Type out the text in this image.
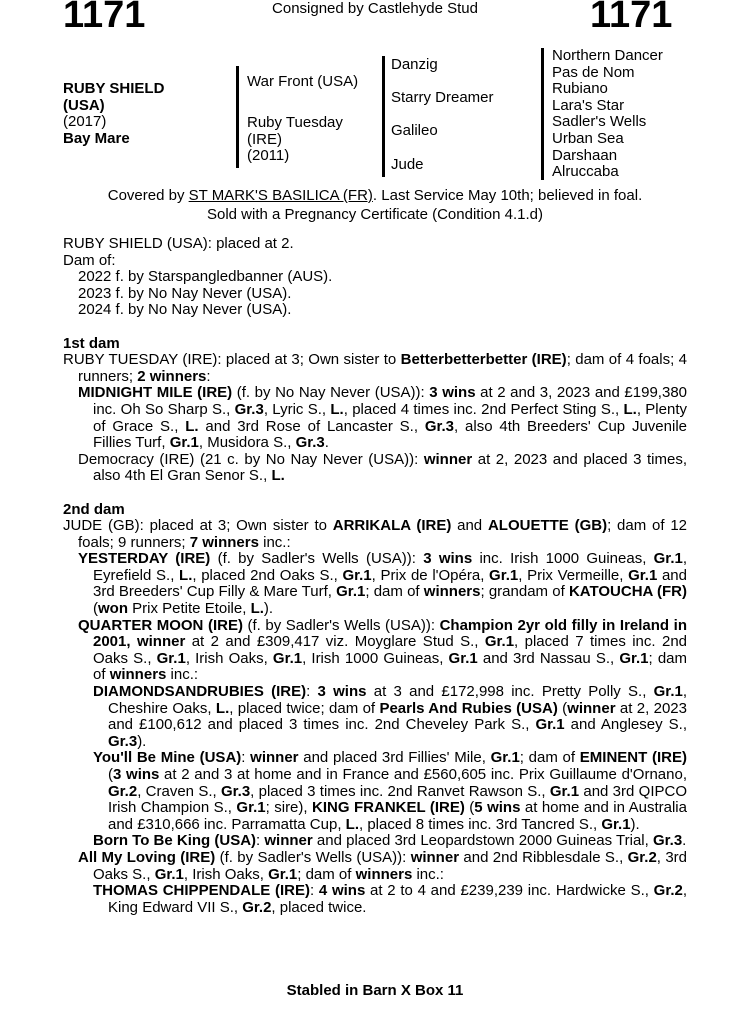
1171	Consigned by Castlehyde Stud	1171
RUBY SHIELD
(USA)
(2017)
Bay Mare
War Front (USA)
Ruby Tuesday
(IRE)
(2011)
Danzig
Starry Dreamer
Galileo
Jude
Northern Dancer
Pas de Nom
Rubiano
Lara's Star
Sadler's Wells
Urban Sea
Darshaan
Alruccaba
Covered by ST MARK'S BASILICA (FR). Last Service May 10th; believed in foal.
Sold with a Pregnancy Certificate (Condition 4.1.d)

RUBY SHIELD (USA): placed at 2.

Dam of:

2022 f. by Starspangledbanner (AUS).

2023 f. by No Nay Never (USA).

2024 f. by No Nay Never (USA).

1st dam

RUBY TUESDAY (IRE): placed at 3; Own sister to Betterbetterbetter (IRE); dam of 4 foals; 4 runners; 2 winners:

MIDNIGHT MILE (IRE) (f. by No Nay Never (USA)): 3 wins at 2 and 3, 2023 and £199,380 inc. Oh So Sharp S., Gr.3, Lyric S., L., placed 4 times inc. 2nd Perfect Sting S., L., Plenty of Grace S., L. and 3rd Rose of Lancaster S., Gr.3, also 4th Breeders' Cup Juvenile Fillies Turf, Gr.1, Musidora S., Gr.3.

Democracy (IRE) (21 c. by No Nay Never (USA)): winner at 2, 2023 and placed 3 times, also 4th El Gran Senor S., L.

2nd dam

JUDE (GB): placed at 3; Own sister to ARRIKALA (IRE) and ALOUETTE (GB); dam of 12 foals; 9 runners; 7 winners inc.:

YESTERDAY (IRE) (f. by Sadler's Wells (USA)): 3 wins inc. Irish 1000 Guineas, Gr.1, Eyrefield S., L., placed 2nd Oaks S., Gr.1, Prix de l'Opéra, Gr.1, Prix Vermeille, Gr.1 and 3rd Breeders' Cup Filly & Mare Turf, Gr.1; dam of winners; grandam of KATOUCHA (FR) (won Prix Petite Etoile, L.).

QUARTER MOON (IRE) (f. by Sadler's Wells (USA)): Champion 2yr old filly in Ireland in 2001, winner at 2 and £309,417 viz. Moyglare Stud S., Gr.1, placed 7 times inc. 2nd Oaks S., Gr.1, Irish Oaks, Gr.1, Irish 1000 Guineas, Gr.1 and 3rd Nassau S., Gr.1; dam of winners inc.:

DIAMONDSANDRUBIES (IRE): 3 wins at 3 and £172,998 inc. Pretty Polly S., Gr.1, Cheshire Oaks, L., placed twice; dam of Pearls And Rubies (USA) (winner at 2, 2023 and £100,612 and placed 3 times inc. 2nd Cheveley Park S., Gr.1 and Anglesey S., Gr.3).

You'll Be Mine (USA): winner and placed 3rd Fillies' Mile, Gr.1; dam of EMINENT (IRE) (3 wins at 2 and 3 at home and in France and £560,605 inc. Prix Guillaume d'Ornano, Gr.2, Craven S., Gr.3, placed 3 times inc. 2nd Ranvet Rawson S., Gr.1 and 3rd QIPCO Irish Champion S., Gr.1; sire), KING FRANKEL (IRE) (5 wins at home and in Australia and £310,666 inc. Parramatta Cup, L., placed 8 times inc. 3rd Tancred S., Gr.1).

Born To Be King (USA): winner and placed 3rd Leopardstown 2000 Guineas Trial, Gr.3.

All My Loving (IRE) (f. by Sadler's Wells (USA)): winner and 2nd Ribblesdale S., Gr.2, 3rd Oaks S., Gr.1, Irish Oaks, Gr.1; dam of winners inc.:

THOMAS CHIPPENDALE (IRE): 4 wins at 2 to 4 and £239,239 inc. Hardwicke S., Gr.2, King Edward VII S., Gr.2, placed twice.

Stabled in Barn X Box 11
